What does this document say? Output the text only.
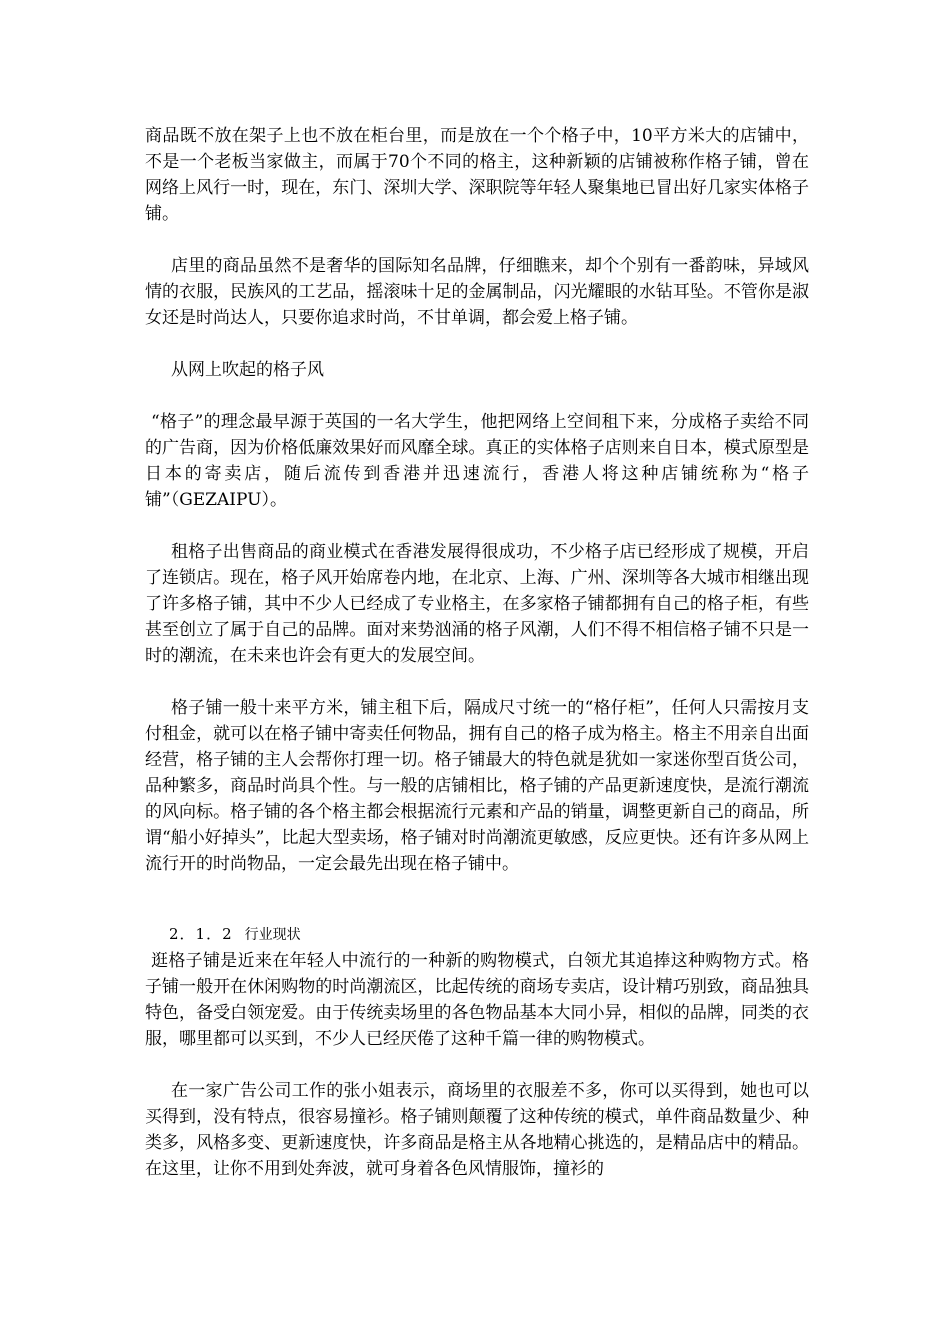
商品既不放在架子上也不放在柜台里，而是放在一个个格子中，10平方米大的店铺中，不是一个老板当家做主，而属于70个不同的格主，这种新颖的店铺被称作格子铺，曾在网络上风行一时，现在，东门、深圳大学、深职院等年轻人聚集地已冒出好几家实体格子铺。

店里的商品虽然不是奢华的国际知名品牌，仔细瞧来，却个个别有一番韵味，异域风情的衣服，民族风的工艺品，摇滚味十足的金属制品，闪光耀眼的水钻耳坠。不管你是淑女还是时尚达人，只要你追求时尚，不甘单调，都会爱上格子铺。

从网上吹起的格子风

“格子”的理念最早源于英国的一名大学生，他把网络上空间租下来，分成格子卖给不同的广告商，因为价格低廉效果好而风靡全球。真正的实体格子店则来自日本，模式原型是日本的寄卖店，随后流传到香港并迅速流行，香港人将这种店铺统称为“格子铺”（GEZAIPU）。

租格子出售商品的商业模式在香港发展得很成功，不少格子店已经形成了规模，开启了连锁店。现在，格子风开始席卷内地，在北京、上海、广州、深圳等各大城市相继出现了许多格子铺，其中不少人已经成了专业格主，在多家格子铺都拥有自己的格子柜，有些甚至创立了属于自己的品牌。面对来势汹涌的格子风潮，人们不得不相信格子铺不只是一时的潮流，在未来也许会有更大的发展空间。

格子铺一般十来平方米，铺主租下后，隔成尺寸统一的“格仔柜”，任何人只需按月支付租金，就可以在格子铺中寄卖任何物品，拥有自己的格子成为格主。格主不用亲自出面经营，格子铺的主人会帮你打理一切。格子铺最大的特色就是犹如一家迷你型百货公司，品种繁多，商品时尚具个性。与一般的店铺相比，格子铺的产品更新速度快，是流行潮流的风向标。格子铺的各个格主都会根据流行元素和产品的销量，调整更新自己的商品，所谓“船小好掉头”，比起大型卖场，格子铺对时尚潮流更敏感，反应更快。还有许多从网上流行开的时尚物品，一定会最先出现在格子铺中。

2．1．2 行业现状

逛格子铺是近来在年轻人中流行的一种新的购物模式，白领尤其追捧这种购物方式。格子铺一般开在休闲购物的时尚潮流区，比起传统的商场专卖店，设计精巧别致，商品独具特色，备受白领宠爱。由于传统卖场里的各色物品基本大同小异，相似的品牌，同类的衣服，哪里都可以买到，不少人已经厌倦了这种千篇一律的购物模式。

在一家广告公司工作的张小姐表示，商场里的衣服差不多，你可以买得到，她也可以买得到，没有特点，很容易撞衫。格子铺则颠覆了这种传统的模式，单件商品数量少、种类多，风格多变、更新速度快，许多商品是格主从各地精心挑选的，是精品店中的精品。在这里，让你不用到处奔波，就可身着各色风情服饰，撞衫的
